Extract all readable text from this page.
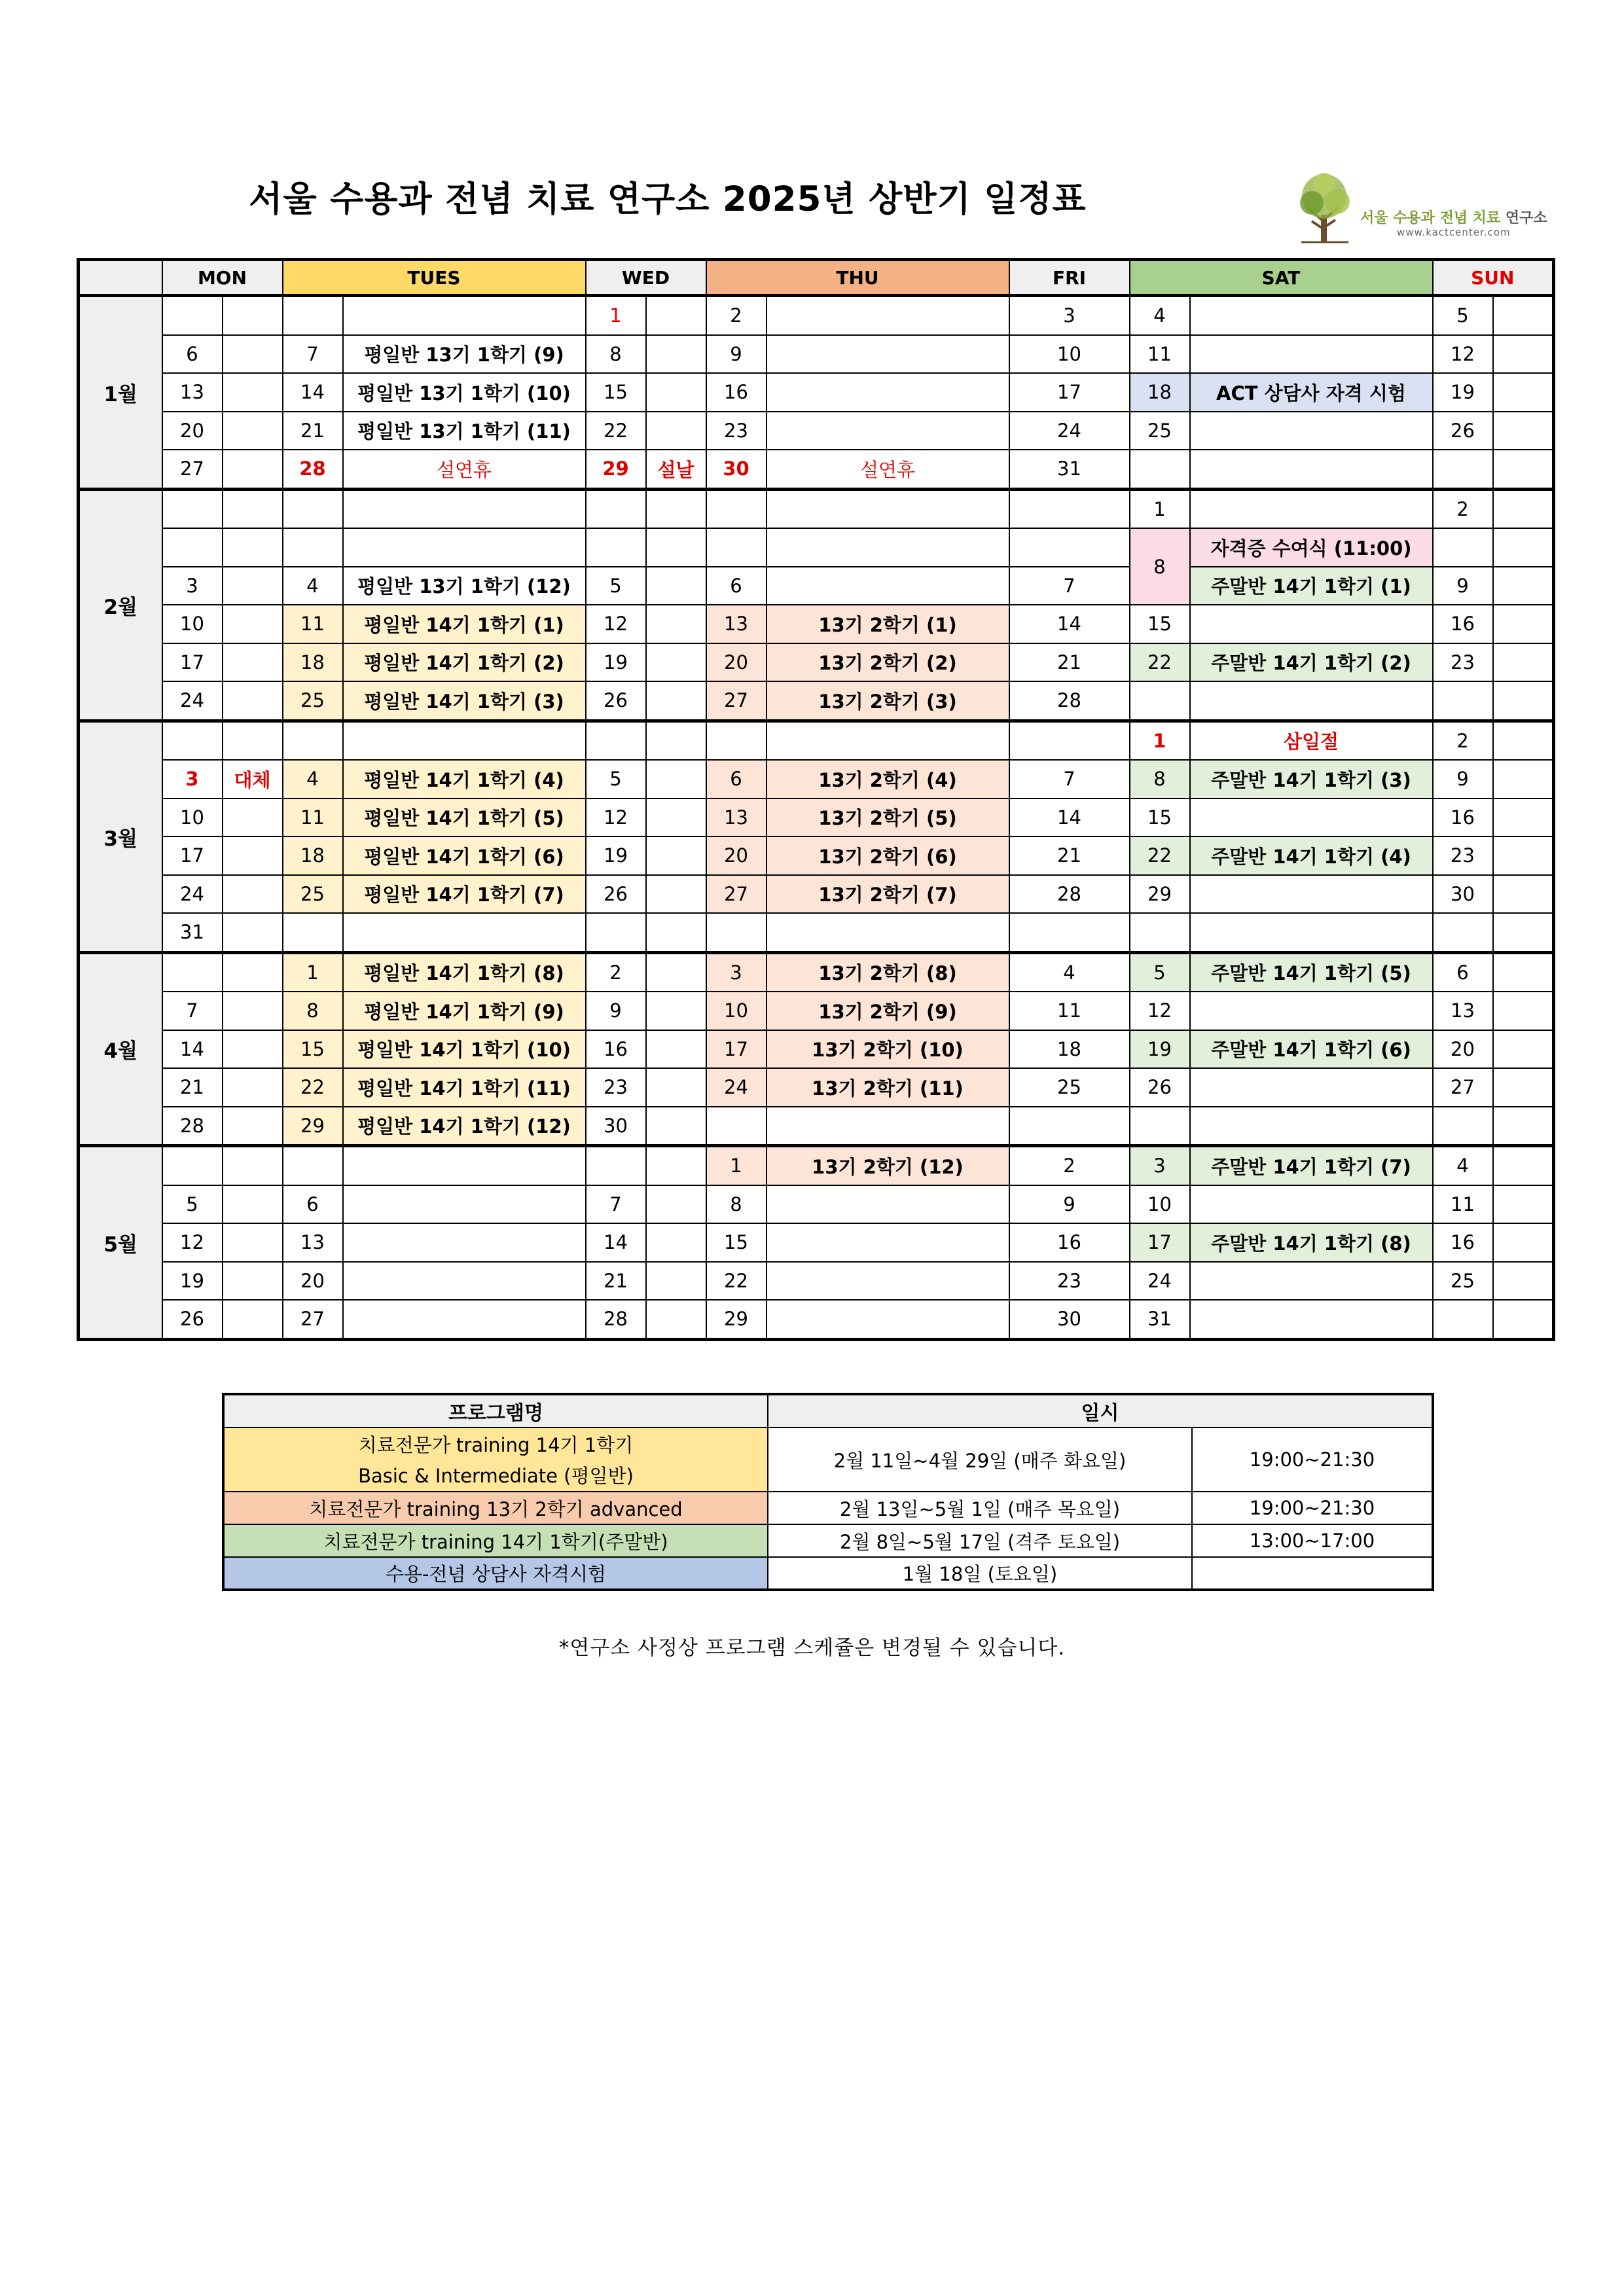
서울 수용과 전념 치료 연구소 2025년 상반기 일정표	서울 수용과 전념 치료 연구소
www.kactcenter.com
	MON		TUES		WED		THU		FRI	SAT		SUN	
1월					1		2		3	4		5	
	6		7	평일반 13기 1학기 (9)	8		9		10	11		12	
	13		14	평일반 13기 1학기 (10)	15		16		17	18	ACT 상담사 자격 시험	19	
	20		21	평일반 13기 1학기 (11)	22		23		24	25		26	
	27		28	설연휴	29	설날	30	설연휴	31				
2월										1		2	
										8	자격증 수여식 (11:00)		
	3		4	평일반 13기 1학기 (12)	5		6		7		주말반 14기 1학기 (1)	9	
	10		11	평일반 14기 1학기 (1)	12		13	13기 2학기 (1)	14	15		16	
	17		18	평일반 14기 1학기 (2)	19		20	13기 2학기 (2)	21	22	주말반 14기 1학기 (2)	23	
	24		25	평일반 14기 1학기 (3)	26		27	13기 2학기 (3)	28				
3월										1	삼일절	2	
	3	대체	4	평일반 14기 1학기 (4)	5		6	13기 2학기 (4)	7	8	주말반 14기 1학기 (3)	9	
	10		11	평일반 14기 1학기 (5)	12		13	13기 2학기 (5)	14	15		16	
	17		18	평일반 14기 1학기 (6)	19		20	13기 2학기 (6)	21	22	주말반 14기 1학기 (4)	23	
	24		25	평일반 14기 1학기 (7)	26		27	13기 2학기 (7)	28	29		30	
	31												
4월			1	평일반 14기 1학기 (8)	2		3	13기 2학기 (8)	4	5	주말반 14기 1학기 (5)	6	
	7		8	평일반 14기 1학기 (9)	9		10	13기 2학기 (9)	11	12		13	
	14		15	평일반 14기 1학기 (10)	16		17	13기 2학기 (10)	18	19	주말반 14기 1학기 (6)	20	
	21		22	평일반 14기 1학기 (11)	23		24	13기 2학기 (11)	25	26		27	
	28		29	평일반 14기 1학기 (12)	30								
5월							1	13기 2학기 (12)	2	3	주말반 14기 1학기 (7)	4	
	5		6		7		8		9	10		11	
	12		13		14		15		16	17	주말반 14기 1학기 (8)	16	
	19		20		21		22		23	24		25	
	26		27		28		29		30	31			
프로그램명	일시	

치료전문가 training 14기 1학기
Basic & Intermediate (평일반)	2월 11일~4월 29일 (매주 화요일)	19:00~21:30
치료전문가 training 13기 2학기 advanced	2월 13일~5월 1일 (매주 목요일)	19:00~21:30
치료전문가 training 14기 1학기(주말반)	2월 8일~5월 17일 (격주 토요일)	13:00~17:00
수용-전념 상담사 자격시험	1월 18일 (토요일)	
*연구소 사정상 프로그램 스케쥴은 변경될 수 있습니다.
